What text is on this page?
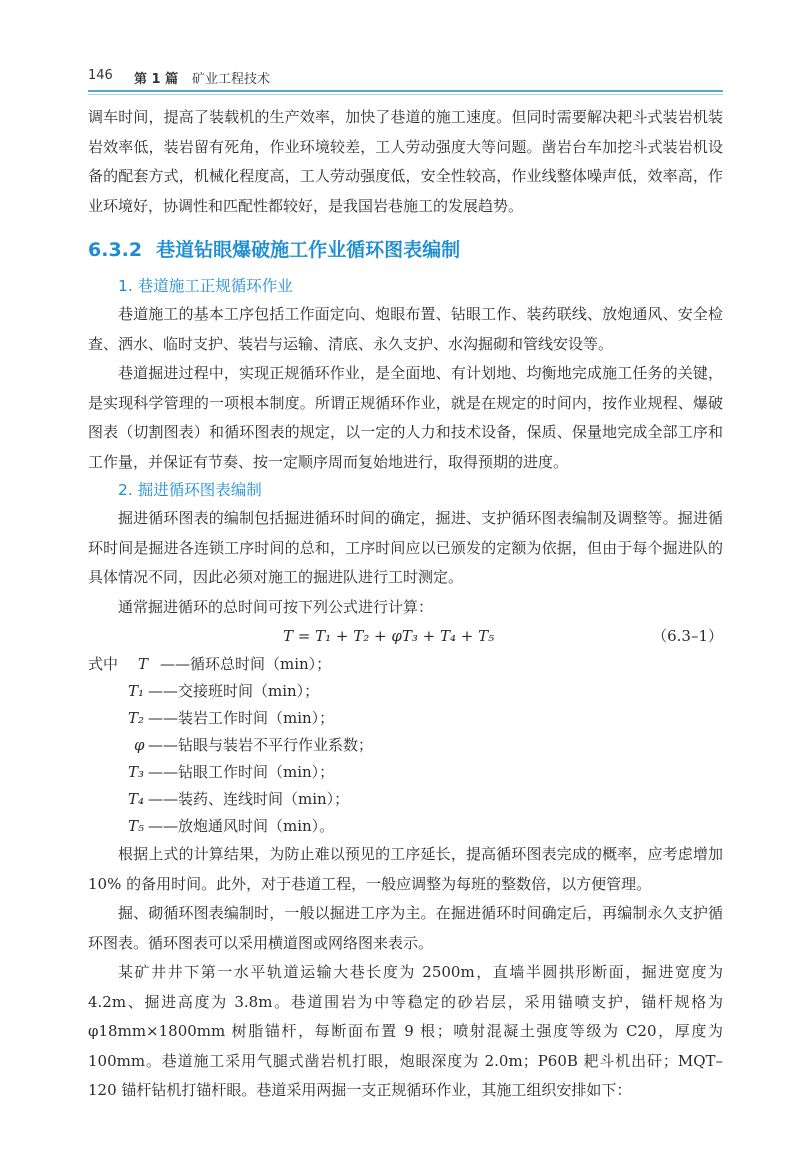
146 第 1 篇 矿业工程技术

调车时间，提高了装载机的生产效率，加快了巷道的施工速度。但同时需要解决耙斗式装岩机装岩效率低，装岩留有死角，作业环境较差，工人劳动强度大等问题。凿岩台车加挖斗式装岩机设备的配套方式，机械化程度高，工人劳动强度低，安全性较高，作业线整体噪声低，效率高，作业环境好，协调性和匹配性都较好，是我国岩巷施工的发展趋势。

6.3.2 巷道钻眼爆破施工作业循环图表编制
1. 巷道施工正规循环作业

巷道施工的基本工序包括工作面定向、炮眼布置、钻眼工作、装药联线、放炮通风、安全检查、洒水、临时支护、装岩与运输、清底、永久支护、水沟掘砌和管线安设等。

巷道掘进过程中，实现正规循环作业，是全面地、有计划地、均衡地完成施工任务的关键，是实现科学管理的一项根本制度。所谓正规循环作业，就是在规定的时间内，按作业规程、爆破图表（切割图表）和循环图表的规定，以一定的人力和技术设备，保质、保量地完成全部工序和工作量，并保证有节奏、按一定顺序周而复始地进行，取得预期的进度。

2. 掘进循环图表编制

掘进循环图表的编制包括掘进循环时间的确定，掘进、支护循环图表编制及调整等。掘进循环时间是掘进各连锁工序时间的总和，工序时间应以已颁发的定额为依据，但由于每个掘进队的具体情况不同，因此必须对施工的掘进队进行工时测定。

通常掘进循环的总时间可按下列公式进行计算：

T = T₁ + T₂ + φT₃ + T₄ + T₅	（6.3–1）
式中 T ——循环总时间（min）；
T₁ ——交接班时间（min）；
T₂ ——装岩工作时间（min）；
φ ——钻眼与装岩不平行作业系数；
T₃ ——钻眼工作时间（min）；
T₄ ——装药、连线时间（min）；
T₅ ——放炮通风时间（min）。

根据上式的计算结果，为防止难以预见的工序延长，提高循环图表完成的概率，应考虑增加 10% 的备用时间。此外，对于巷道工程，一般应调整为每班的整数倍，以方便管理。

掘、砌循环图表编制时，一般以掘进工序为主。在掘进循环时间确定后，再编制永久支护循环图表。循环图表可以采用横道图或网络图来表示。

某矿井井下第一水平轨道运输大巷长度为 2500m，直墙半圆拱形断面，掘进宽度为 4.2m、掘进高度为 3.8m。巷道围岩为中等稳定的砂岩层，采用锚喷支护，锚杆规格为 φ18mm×1800mm 树脂锚杆，每断面布置 9 根；喷射混凝土强度等级为 C20，厚度为 100mm。巷道施工采用气腿式凿岩机打眼，炮眼深度为 2.0m；P60B 耙斗机出矸；MQT–120 锚杆钻机打锚杆眼。巷道采用两掘一支正规循环作业，其施工组织安排如下：
